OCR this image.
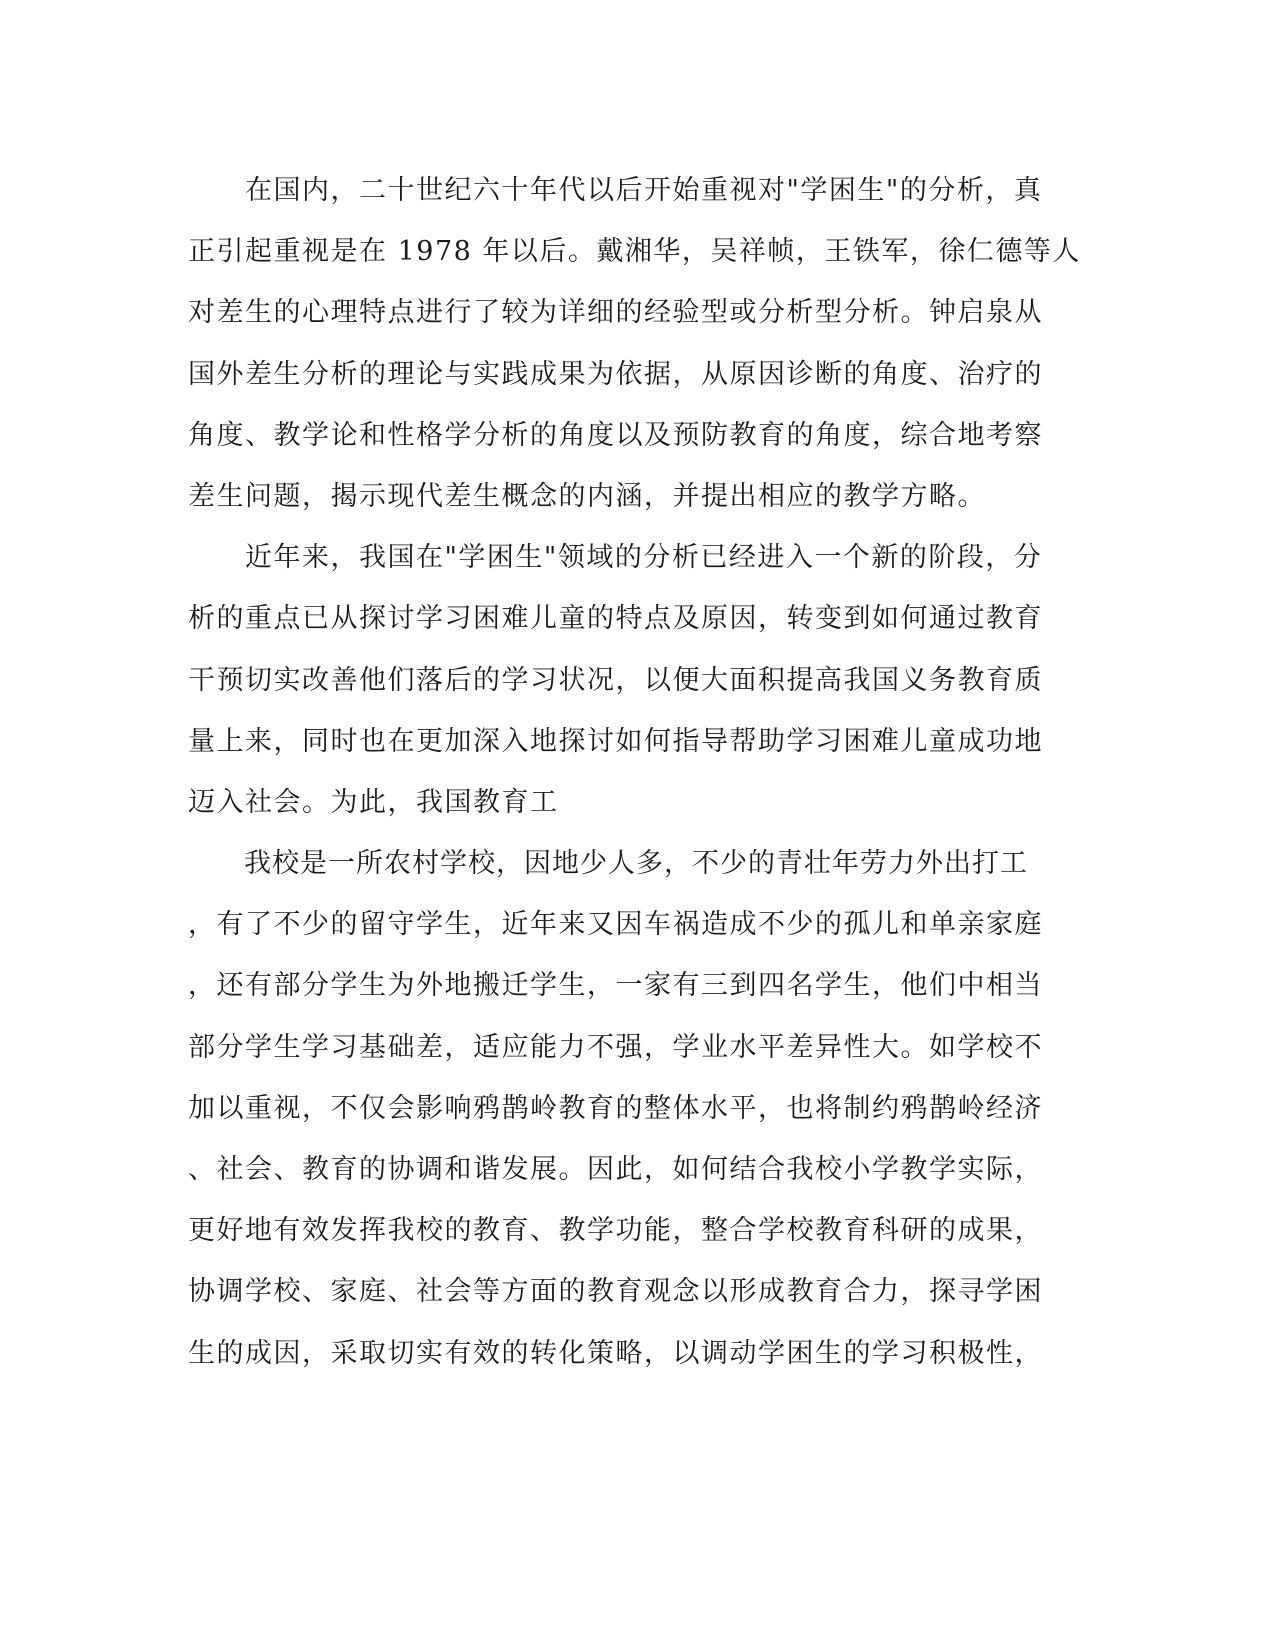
　　在国内，二十世纪六十年代以后开始重视对"学困生"的分析，真
正引起重视是在 1978 年以后。戴湘华，吴祥帧，王铁军，徐仁德等人
对差生的心理特点进行了较为详细的经验型或分析型分析。钟启泉从
国外差生分析的理论与实践成果为依据，从原因诊断的角度、治疗的
角度、教学论和性格学分析的角度以及预防教育的角度，综合地考察
差生问题，揭示现代差生概念的内涵，并提出相应的教学方略。
　　近年来，我国在"学困生"领域的分析已经进入一个新的阶段，分
析的重点已从探讨学习困难儿童的特点及原因，转变到如何通过教育
干预切实改善他们落后的学习状况，以便大面积提高我国义务教育质
量上来，同时也在更加深入地探讨如何指导帮助学习困难儿童成功地
迈入社会。为此，我国教育工
　　我校是一所农村学校，因地少人多，不少的青壮年劳力外出打工
，有了不少的留守学生，近年来又因车祸造成不少的孤儿和单亲家庭
，还有部分学生为外地搬迁学生，一家有三到四名学生，他们中相当
部分学生学习基础差，适应能力不强，学业水平差异性大。如学校不
加以重视，不仅会影响鸦鹊岭教育的整体水平，也将制约鸦鹊岭经济
、社会、教育的协调和谐发展。因此，如何结合我校小学教学实际，
更好地有效发挥我校的教育、教学功能，整合学校教育科研的成果，
协调学校、家庭、社会等方面的教育观念以形成教育合力，探寻学困
生的成因，采取切实有效的转化策略，以调动学困生的学习积极性，
